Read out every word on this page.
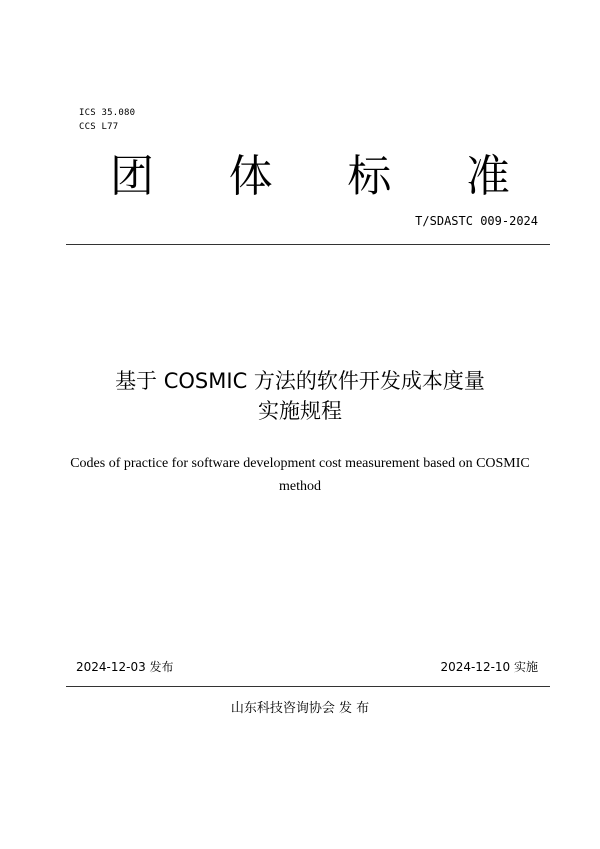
ICS 35.080
CCS L77
团 体 标 准
T/SDASTC 009-2024
基于 COSMIC 方法的软件开发成本度量
实施规程
Codes of practice for software development cost measurement based on COSMIC
method
2024-12-03 发布	2024-12-10 实施
山东科技咨询协会 发 布
